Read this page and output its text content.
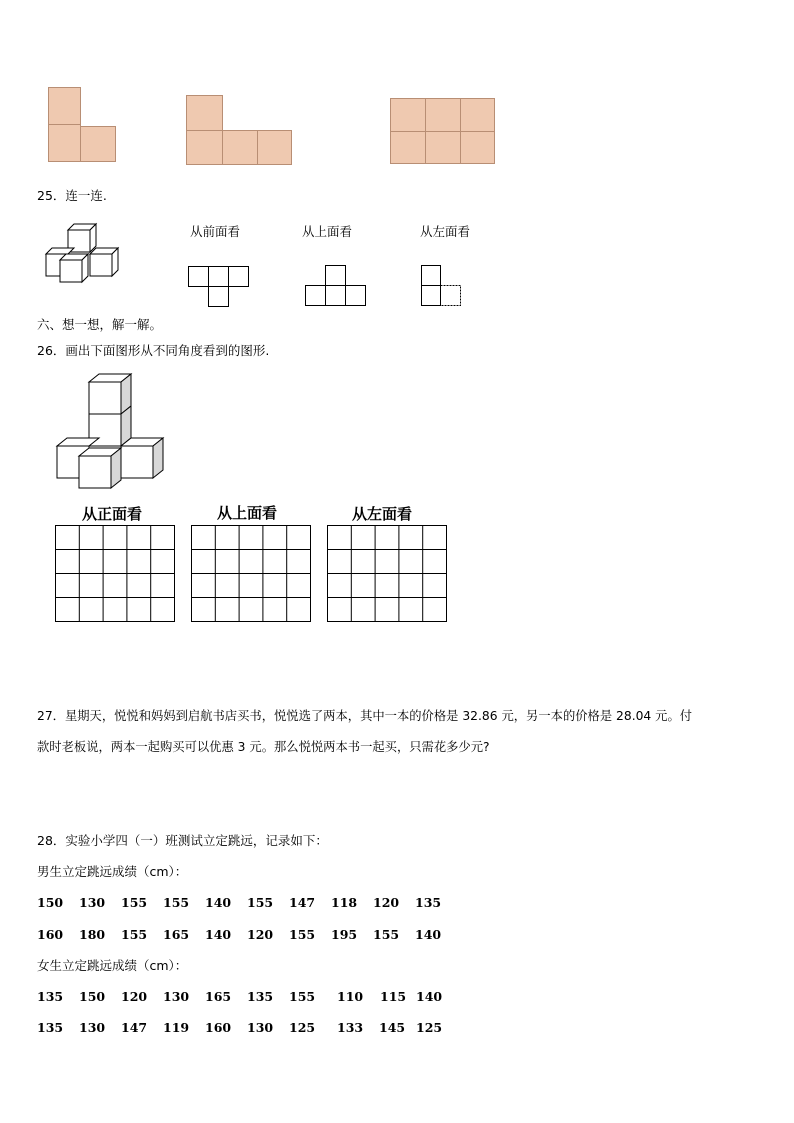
25．连一连.
从前面看	从上面看	从左面看
六、想一想，解一解。
26．画出下面图形从不同角度看到的图形.
从正面看	从上面看	从左面看
27．星期天，悦悦和妈妈到启航书店买书，悦悦选了两本，其中一本的价格是 32.86 元，另一本的价格是 28.04 元。付
款时老板说，两本一起购买可以优惠 3 元。那么悦悦两本书一起买，只需花多少元?
28．实验小学四（一）班测试立定跳远，记录如下：
男生立定跳远成绩（cm）：
150 130 155 155 140 155 147 118 120 135
160 180 155 165 140 120 155 195 155 140
女生立定跳远成绩（cm）：
135 150 120 130 165 135 155 110 115 140
135 130 147 119 160 130 125 133 145 125
